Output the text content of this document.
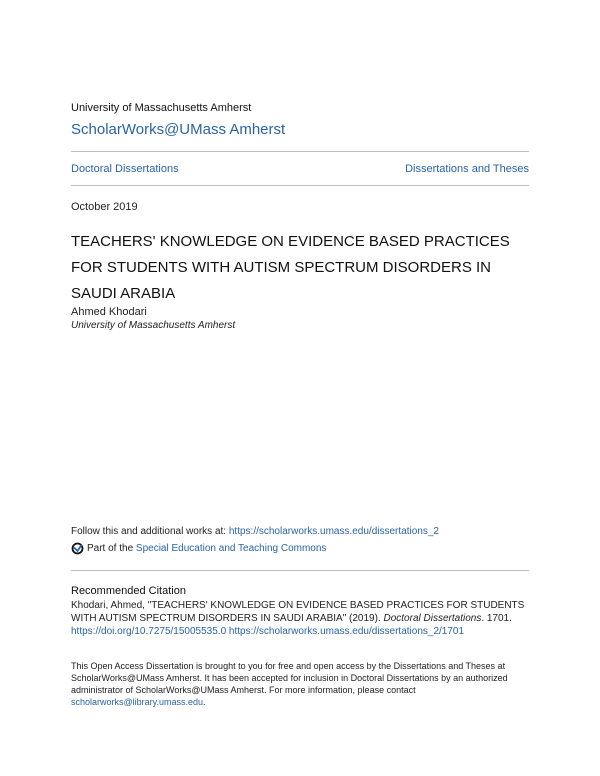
University of Massachusetts Amherst
ScholarWorks@UMass Amherst
Doctoral Dissertations	Dissertations and Theses
October 2019
TEACHERS' KNOWLEDGE ON EVIDENCE BASED PRACTICES FOR STUDENTS WITH AUTISM SPECTRUM DISORDERS IN SAUDI ARABIA
Ahmed Khodari
University of Massachusetts Amherst
Follow this and additional works at: https://scholarworks.umass.edu/dissertations_2
Part of the
Special Education and Teaching Commons
Recommended Citation
Khodari, Ahmed, "TEACHERS' KNOWLEDGE ON EVIDENCE BASED PRACTICES FOR STUDENTS WITH AUTISM SPECTRUM DISORDERS IN SAUDI ARABIA" (2019). Doctoral Dissertations. 1701.
https://doi.org/10.7275/15005535.0 https://scholarworks.umass.edu/dissertations_2/1701
This Open Access Dissertation is brought to you for free and open access by the Dissertations and Theses at ScholarWorks@UMass Amherst. It has been accepted for inclusion in Doctoral Dissertations by an authorized administrator of ScholarWorks@UMass Amherst. For more information, please contact scholarworks@library.umass.edu.
